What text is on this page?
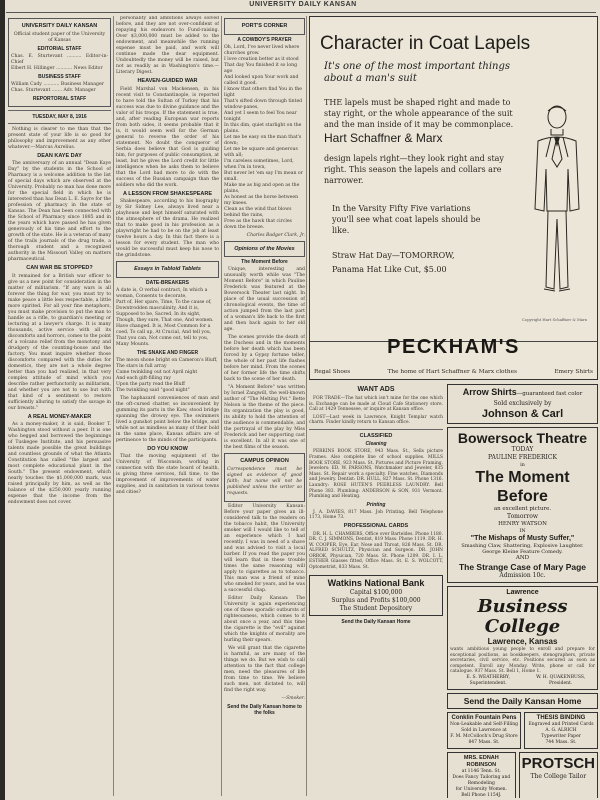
UNIVERSITY DAILY KANSAN
UNIVERSITY DAILY KANSAN
Official student paper of the University of Kansas
EDITORIAL STAFF
Chas. E. Sturtevant .......... Editor-in-Chief
Elbert H. Hillinger ........... News Editor
BUSINESS STAFF
William Cady ........... Business Manager
Chas. Sturtevant ....... Adv. Manager
REPORTORIAL STAFF
TUESDAY, MAY 8, 1916
Nothing is clearer to me than that the present state of your life is so good for philosophy and improvement as any other whatever.—Marcus Aurelius.
DEAN KAYE DAY
The anniversary of an annual "Dean Kaye Day" by the students in the School of Pharmacy is a welcome addition to the list of special days which are observed at the University. Probably no man has done more for the special field in which he is interested than has Dean L. E. Sayre for the profession of pharmacy in the state of Kansas. The Dean has been connected with the School of Pharmacy since 1885 and in the years which have passed he has given generously of his time and effort to the growth of the state. He is a veteran of many of the trails journals of the drug trade, a thorough student and a recognized authority in the Missouri Valley on matters pharmaceutical.
CAN WAR BE STOPPED?
It remained for a British war officer to give us a new point for consideration in the matter of militarism. "If any wars is all forever the thing for war, you must try to make peace a little less respectable, a little more spirited. For all your fine metaphors, you must make provision to put the man to handle as a rifle, to guardian's meeting or lecturing at a lawyer's charge. It is many thousands, active service with all its discomforts and horrors, comes to the point of a volcano relief from the monotony and drudgery of the counting-house and the factory. You must inquire whether those discomforts compared with the duties for domestics, they are not a whole degree better than you had realized, in that very complex attitude of mind which you describe rather perfunctorily as militarism, and whether you are not to use but with that kind of a sentiment to restore sufficiently alluring to satisfy the savage in our breasts."
A REAL MONEY-MAKER
As a money-maker, it is said, Booker T. Washington stood without a peer. It is one who begged and borrowed the beginnings of Tuskegee Institute, and his persuasive talents made possible the great buildings and countless grounds of what the Atlanta Constitution has called "the largest and most complete educational plant in the South." The present endowment, which nearly touches the $1,000,000 mark, was raised principally by him, as well as the balance of the $250,000 yearly running expense that the income from the endowment does not cover.
personality and ambitions always solved before, and they are not over-confident of repaying his endeavors to Fund-raising. Over $3,000,000 must be added to the endowment, and meanwhile the running expense must be paid, and work will continue made the dear equipment. Undoubtedly the money will be raised, but not as readily as in Washington's time.—Literary Digest.
HEAVEN-GUIDED WAR
Field Marshal von Mackensen, in his recent visit to Constantinople, is reported to have told the Sultan of Turkey that his success was due to divine guidance and the valor of his troops. If the statement is true, and, after reading European war reports from both sides, it seems probable that it is, it would seem well for the German general to reverse the order of his statement. No doubt the conqueror of Serbia does believe that God is guiding him, for purposes of public consumption, at least, but he gives the Lord credit for little intelligence when he asks them to believe that the Lord had more to do with the success of the Russian campaign than the soldiers who did the work.
A LESSON FROM SHAKESPEARE
Shakespeare, according to his biography by Sir Sidney Lee, always lived near a playhouse and kept himself saturated with the atmosphere of the drama. He realized that to make good in his profession as a playwright he had to be on the job at least twelve hours a day. In this fact there is a lesson for every student. The man who would be successful must keep his nose to the grindstone.
Essays in Tabloid Tablets
DATE-BREAKERS
A date is, O verbal contract, In which a woman, Consents to decorate,
Part of, Her spare, Time, To the cause of, Downtrodden masculinity, And it is, Supposed to be, Sacred, In its sight, Though, they sure, That one, And women. Have changed. It is, Most Common for a coed, To call up, At Crucial, And tell you, That you can, Not come out, tell to you, Many Mounts.
THE SNAKE AND FINGER
The moon shone bright on Cameron's Bluff,
The stars in full array
Came twinkling out not April night
And each gift-filling ray
Upon the party read the Bluff
The twinkling said "good night"
The haphazard conveniences of man and the oft-cursed chatter, so inconvenient by gumming its parts in the Kaw, stood bridge spanning the drowsy eye. The swimmers lived a gunshot point below the bridge, and while not as mindless as many of their bold in the same place, Kansas affairs are of pertinence to the minds of the participants.
DO YOU KNOW
That the moving equipment of the University of Wisconsin, working in connection with the state board of health, is giving three services, full time, to the improvement of improvements of water supplies, and in sanitation in various towns and cities?
PORT'S CORNER
A COWBOY'S PRAYER
Oh, Lord, I've never lived where churches grow.
I love creation better as it stood
That day You finished it so long ago
And looked upon Your work and called it good.
I know that others find You in the light
That's sifted down through tinted window-panes,
And yet I seem to feel You near tonight
In this dim, quiet starlight on the plains.
Let me be easy on the man that's down;
Let me be square and generous with all;
I'm careless sometimes, Lord, when I'm in town,
But never let 'em say I'm mean or small.
Make me as big and open as the plains,
As honest as the horse between my knees.
Clean as the wind that blows behind the rains,
Free as the hawk that circles down the breeze.
Charles Badger Clark, Jr.
Opinions of the Movies
The Moment Before
Unique, interesting and unusually worth while was "The Moment Before" in which Pauline Frederick was featured at the Bowersock Theater last night. In place of the usual succession of chronological events, the time of action jumped from the last part of a woman's life back to the first and then back again to her old age.
The scenes provide the death of the Duchess and in the moments before her death which has been forced by a Gypsy fortune teller, the whole of her past life flashes before her mind. From the scenes of her former life the time shifts back to the scene of her death.
"A Moment Before" was written by Israel Zangwill, the well-known author of "The Melting Pot." Bette Nelson is the theme of the piece. Its organization the play is good, its ability to hold the attention of the audience is commendable, and the portrayal of the play by Miss Frederick and her supporting cast is excellent. In all it was one of the best films of the season.
CAMPUS OPINION
Correspondence must be signed as evidence of good faith; but name will not be published unless the writer so requests.
Editor University Kansan: Before your paper gives an ill-considered talk to the readers on the tobacco habit, the University smoker will I would like to tell of an experience which I had recently. I was in need of a shave and was advised to visit a local barber. If you read the paper you will learn that in these trouble times the same reasoning will apply to cigarettes as to tobacco. This man was a friend of mine who smoked for years, and he was a successful chap.
Editor Daily Kansan: The University is again experiencing one of those sporadic outbursts of righteousness, which comes to it about once a year, and this time the cigarette is the "evil" against which the knights of morality are hurling their spears.
We will grant that the cigarette is harmful, as are many of the things we do. But we wish to call attention to the fact that college men, need the pleasures of life from time to time. We believe such men, not dictated to, will find the right way.
—Smoker.
Send the Daily Kansan home to the folks
Character in Coat Lapels
It's one of the most important things about a man's suit
THE lapels must be shaped right and made to stay right, or the whole appearance of the suit and the man inside of it may be commonplace.
Hart Schaffner & Marx
design lapels right—they look right and stay right. This season the lapels and collars are narrower.
In the Varsity Fifty Five variations you'll see what coat lapels should be like.
Straw Hat Day—TOMORROW,
Panama Hat Like Cut, $5.00
Copyright Hart Schaffner & Marx
PECKHAM'S
Regal Shoes	The home of Hart Schaffner & Marx clothes	Emery Shirts
WANT ADS
FOR TRADE—The hat which isn't mine for the one which is. Exchange can be made at Cloud Cafe Stationery store. Call at 1429 Tennessee, or inquire at Kansan office.
LOST—Last week in Lawrence, Knight Templar watch charm. Finder kindly return to Kansan office.
CLASSIFIED
Cleaning
PERKINS BOOK STORE, 943 Mass. St., Sells picture Frames. Also complete line of school supplies. MILLS BOOK STORE, 923 Mass. St. Pictures and Picture Framing. Jewelers: ED. W. PARSONS, Watchmaker and Jeweler, 835 Mass. St. Repair work a specialty. Fine watches, Diamonds and Jewelry. Dentist: DR. HULL, 827 Mass. St. Phone 1316. Laundry: ROSE HUTEN'S PEERLESS LAUNDRY. Bell Phone 383. Plumbing: ANDERSON & SON, 931 Vermont. Plumbing and Heating.
Printing
J. A. DAVIES, 817 Mass. Job Printing. Bell Telephone 1173, Home 73.
PROFESSIONAL CARDS
DR. H. L. CHAMBERS, Office over Barteldes. Phone 1180. DR. C. J. SIMMONS, Dentist, 819 Mass. Phone 1119. DR. H. W. COOPER, Eye, Ear, Nose and Throat, 826 Mass. St. DR. ALFRED SCHULTZ, Physician and Surgeon. DR. JOHN ORROK, Physician, 720 Mass. St. Phone 1209. DR. I. L. ESTHER Glasses fitted, Office Mass. St. E. S. WOLCOTT, Optometrist, 833 Mass. St.
Watkins National Bank
Capital $100,000
Surplus and Profits $100,000
The Student Depository
Send the Daily Kansan Home
Arrow Shirts—guaranteed fast color
Sold exclusively by
Johnson & Carl
Bowersock Theatre
TODAY
PAULINE FREDERICK
in
The Moment Before
an excellent picture.
Tomorrow
HENRY WATSON
IN
"The Mishaps of Musty Suffer,"
Smashing Claw, Shattering, Explosive Laughter.
George Kleine Feature Comedy.
AND
The Strange Case of Mary Page
Admission 10c.
Lawrence
Business College
Lawrence, Kansas
wants ambitious young people to enroll and prepare for exceptional positions, as bookkeepers, stenographers, private secretaries, civil service, etc. Positions secured as soon as competent. Enroll any Monday. Write, phone or call for catalogue. 937 Mass. St. Bell 1, Home 1.
E. S. WEATHERBY, Superintendent.
W. H. QUAKENBUSS, President.
Send the Daily Kansan Home
Conklin Fountain Pens
Non-Leakable and Self-Filling
Sold in Lawrence at
F. M. McColloch's Drug Store
847 Mass. St.
THESIS BINDING
Engraved and Printed Cards
A. G. ALRICH
Typewriter Paper
744 Mass. St.
MRS. EDNAH ROBINSON
at 1146 Tenn. St.
Does Fancy Tailoring and Remodeling
for University Women.
Bell Phone 1154J.
PROTSCH
The College Tailor
